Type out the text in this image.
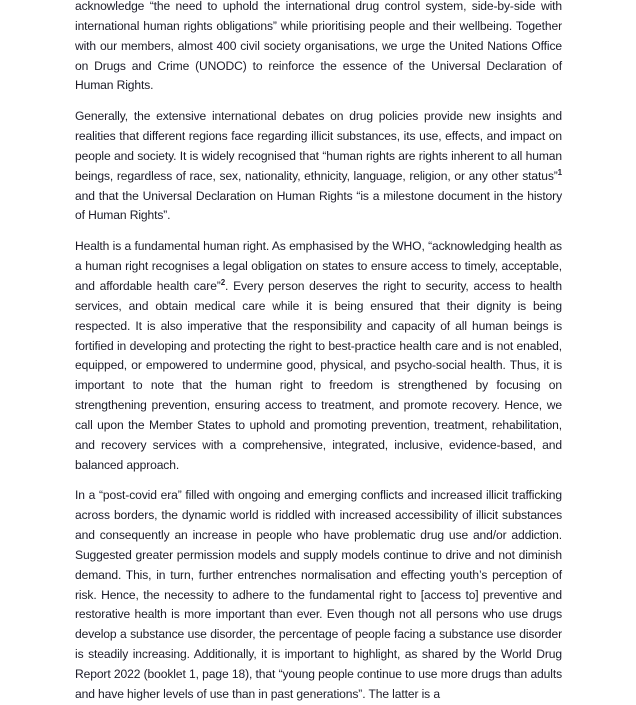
acknowledge “the need to uphold the international drug control system, side-by-side with international human rights obligations” while prioritising people and their wellbeing. Together with our members, almost 400 civil society organisations, we urge the United Nations Office on Drugs and Crime (UNODC) to reinforce the essence of the Universal Declaration of Human Rights.

Generally, the extensive international debates on drug policies provide new insights and realities that different regions face regarding illicit substances, its use, effects, and impact on people and society. It is widely recognised that “human rights are rights inherent to all human beings, regardless of race, sex, nationality, ethnicity, language, religion, or any other status”$^1$ and that the Universal Declaration on Human Rights “is a milestone document in the history of Human Rights”.

Health is a fundamental human right. As emphasised by the WHO, “acknowledging health as a human right recognises a legal obligation on states to ensure access to timely, acceptable, and affordable health care”$^2$. Every person deserves the right to security, access to health services, and obtain medical care while it is being ensured that their dignity is being respected. It is also imperative that the responsibility and capacity of all human beings is fortified in developing and protecting the right to best-practice health care and is not enabled, equipped, or empowered to undermine good, physical, and psycho-social health. Thus, it is important to note that the human right to freedom is strengthened by focusing on strengthening prevention, ensuring access to treatment, and promote recovery. Hence, we call upon the Member States to uphold and promoting prevention, treatment, rehabilitation, and recovery services with a comprehensive, integrated, inclusive, evidence-based, and balanced approach.

In a “post-covid era” filled with ongoing and emerging conflicts and increased illicit trafficking across borders, the dynamic world is riddled with increased accessibility of illicit substances and consequently an increase in people who have problematic drug use and/or addiction. Suggested greater permission models and supply models continue to drive and not diminish demand. This, in turn, further entrenches normalisation and effecting youth’s perception of risk. Hence, the necessity to adhere to the fundamental right to [access to] preventive and restorative health is more important than ever. Even though not all persons who use drugs develop a substance use disorder, the percentage of people facing a substance use disorder is steadily increasing. Additionally, it is important to highlight, as shared by the World Drug Report 2022 (booklet 1, page 18), that “young people continue to use more drugs than adults and have higher levels of use than in past generations”. The latter is a
